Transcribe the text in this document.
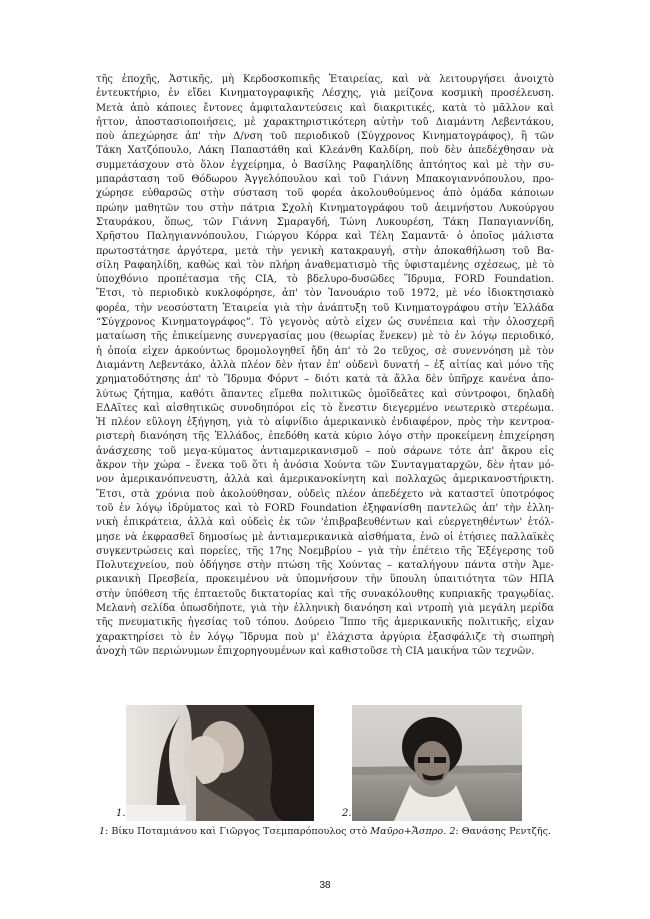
τῆς ἐποχῆς, Ἀστικῆς, μὴ Κερδοσκοπικῆς Ἑταιρείας, καὶ νὰ λειτουργήσει ἀνοιχτὸ
ἐντευκτήριο, ἐν εἴδει Κινηματογραφικῆς Λέσχης, γιὰ μείζονα κοσμικὴ προσέλευση.
Μετὰ ἀπὸ κάποιες ἔντονες ἀμφιταλαντεύσεις καὶ διακριτικές, κατὰ τὸ μᾶλλον καὶ
ἧττον, ἀποστασιοποιήσεις, μὲ χαρακτηριστικότερη αὐτὴν τοῦ Διαμάντη Λεβεντάκου,
ποὺ ἀπεχώρησε ἀπ' τὴν Δ/νση τοῦ περιοδικοῦ (Σύγχρονος Κινηματογράφος), ἢ τῶν
Τάκη Χατζόπουλο, Λάκη Παπαστάθη καὶ Κλεάνθη Καλδίρη, ποὺ δὲν ἀπεδέχθησαν νὰ
συμμετάσχουν στὸ ὅλον ἐγχείρημα, ὁ Βασίλης Ραφαηλίδης ἀπτόητος καὶ μὲ τὴν συ-
μπαράσταση τοῦ Θόδωρου Ἀγγελόπουλου καὶ τοῦ Γιάννη Μπακογιαννόπουλου, προ-
χώρησε εὐθαρσῶς στὴν σύσταση τοῦ φορέα ἀκολουθούμενος ἀπὸ ὁμάδα κάποιων
πρώην μαθητῶν του στὴν πάτρια Σχολὴ Κινηματογράφου τοῦ ἀειμνήστου Λυκούργου
Σταυράκου, ὅπως, τῶν Γιάννη Σμαραγδή, Τώνη Λυκουρέση, Τάκη Παπαγιαννίδη,
Χρῆστου Παληγιαννόπουλου, Γιώργου Κόρρα καὶ Τέλη Σαμαντᾶ· ὁ ὁποῖος μάλιστα
πρωτοστάτησε ἀργότερα, μετὰ τὴν γενικὴ κατακραυγή, στὴν ἀποκαθήλωση τοῦ Βα-
σίλη Ραφαηλίδη, καθὼς καὶ τὸν πλήρη ἀναθεματισμὸ τῆς ὑφισταμένης σχέσεως, μὲ τὸ
ὑποχθόνιο προπέτασμα τῆς CIA, τὸ βδελυρο-δυσῶδες Ἵδρυμα, FORD Foundation.
Ἔτσι, τὸ περιοδικὸ κυκλοφόρησε, ἀπ' τὸν Ἰανουάριο τοῦ 1972, μὲ νέο ἰδιοκτησιακὸ
φορέα, τὴν νεοσύστατη Ἑταιρεία γιὰ τὴν ἀνάπτυξη τοῦ Κινηματογράφου στὴν Ἑλλάδα
“Σύγχρονος Κινηματογράφος”. Τὸ γεγονὸς αὐτὸ εἶχεν ὡς συνέπεια καὶ τὴν ὁλοσχερῆ
ματαίωση τῆς ἐπικείμενης συνεργασίας μου (θεωρίας ἕνεκεν) μὲ τὸ ἐν λόγῳ περιοδικό,
ἡ ὁποία εἶχεν ἀρκούντως δρομολογηθεῖ ἤδη ἀπ' τὸ 2ο τεῦχος, σὲ συνεννόηση μὲ τὸν
Διαμάντη Λεβεντάκο, ἀλλὰ πλέον δὲν ἦταν ἐπ' οὐδενὶ δυνατή – ἐξ αἰτίας καὶ μόνο τῆς
χρηματοδότησης ἀπ' τὸ Ἵδρυμα Φόρντ – διότι κατὰ τὰ ἄλλα δὲν ὑπῆρχε κανένα ἀπο-
λύτως ζήτημα, καθότι ἅπαντες εἴμεθα πολιτικῶς ὁμοϊδεᾶτες καὶ σύντροφοι, δηλαδὴ
ΕΔΑΐτες καὶ αἰσθητικῶς συνοδηπόροι εἰς τὸ ἔνεστιν διεγερμένο νεωτερικὸ στερέωμα.
Ἡ πλέον εὔλογη ἐξήγηση, γιὰ τὸ αἰφνίδιο ἀμερικανικὸ ἐνδιαφέρον, πρὸς τὴν κεντροα-
ριστερὴ διανόηση τῆς Ἑλλάδος, ἐπεδόθη κατὰ κύριο λόγο στὴν προκείμενη ἐπιχείρηση
ἀνάσχεσης τοῦ μεγα-κύματος ἀντιαμερικανισμοῦ – ποὺ σάρωνε τότε ἀπ' ἄκρου εἰς
ἄκρον τὴν χώρα – ἕνεκα τοῦ ὅτι ἡ ἀνόσια Χούντα τῶν Συνταγματαρχῶν, δὲν ἦταν μό-
νον ἀμερικανόπνευστη, ἀλλὰ καὶ ἀμερικανοκίνητη καὶ πολλαχῶς ἀμερικανοστήρικτη.
Ἔτσι, στὰ χρόνια ποὺ ἀκολούθησαν, οὐδεὶς πλέον ἀπεδέχετο νὰ καταστεῖ ὑποτρόφος
τοῦ ἐν λόγῳ ἱδρύματος καὶ τὸ FORD Foundation ἐξηφανίσθη παντελῶς ἀπ' τὴν ἑλλη-
νικὴ ἐπικράτεια, ἀλλὰ καὶ οὐδεὶς ἐκ τῶν 'ἐπιβραβευθέντων καὶ εὐεργετηθέντων' ἐτόλ-
μησε νὰ ἐκφρασθεῖ δημοσίως μὲ ἀντιαμερικανικὰ αἰσθήματα, ἐνῶ οἱ ἐτήσιες παλλαϊκὲς
συγκεντρώσεις καὶ πορείες, τῆς 17ης Νοεμβρίου – γιὰ τὴν ἐπέτειο τῆς Ἐξέγερσης τοῦ
Πολυτεχνείου, ποὺ ὁδήγησε στὴν πτώση τῆς Χούντας – καταλήγουν πάντα στὴν Ἀμε-
ρικανικὴ Πρεσβεία, προκειμένου νὰ ὑπομνήσουν τὴν ὕπουλη ὑπαιτιότητα τῶν ΗΠΑ
στὴν ὑπόθεση τῆς ἑπταετοῦς δικτατορίας καὶ τῆς συνακόλουθης κυπριακῆς τραγῳδίας.
Μελανὴ σελίδα ὁπωσδήποτε, γιὰ τὴν ἑλληνικὴ διανόηση καὶ ντροπὴ γιὰ μεγάλη μερίδα
τῆς πνευματικῆς ἡγεσίας τοῦ τόπου. Δούρειο Ἵππο τῆς ἀμερικανικῆς πολιτικῆς, εἶχαν
χαρακτηρίσει τὸ ἐν λόγῳ Ἵδρυμα ποὺ μ' ἐλάχιστα ἀργύρια ἐξασφάλιζε τὴ σιωπηρὴ
ἀνοχὴ τῶν περιώνυμων ἐπιχορηγουμένων καὶ καθιστοῦσε τὴ CIA μαικήνα τῶν τεχνῶν.
1.	2.
1: Βίκυ Ποταμιάνου καὶ Γιῶργος Τσεμπαρόπουλος στὸ Μαῦρο+Ἄσπρο. 2: Θανάσης Ρεντζῆς.
38
